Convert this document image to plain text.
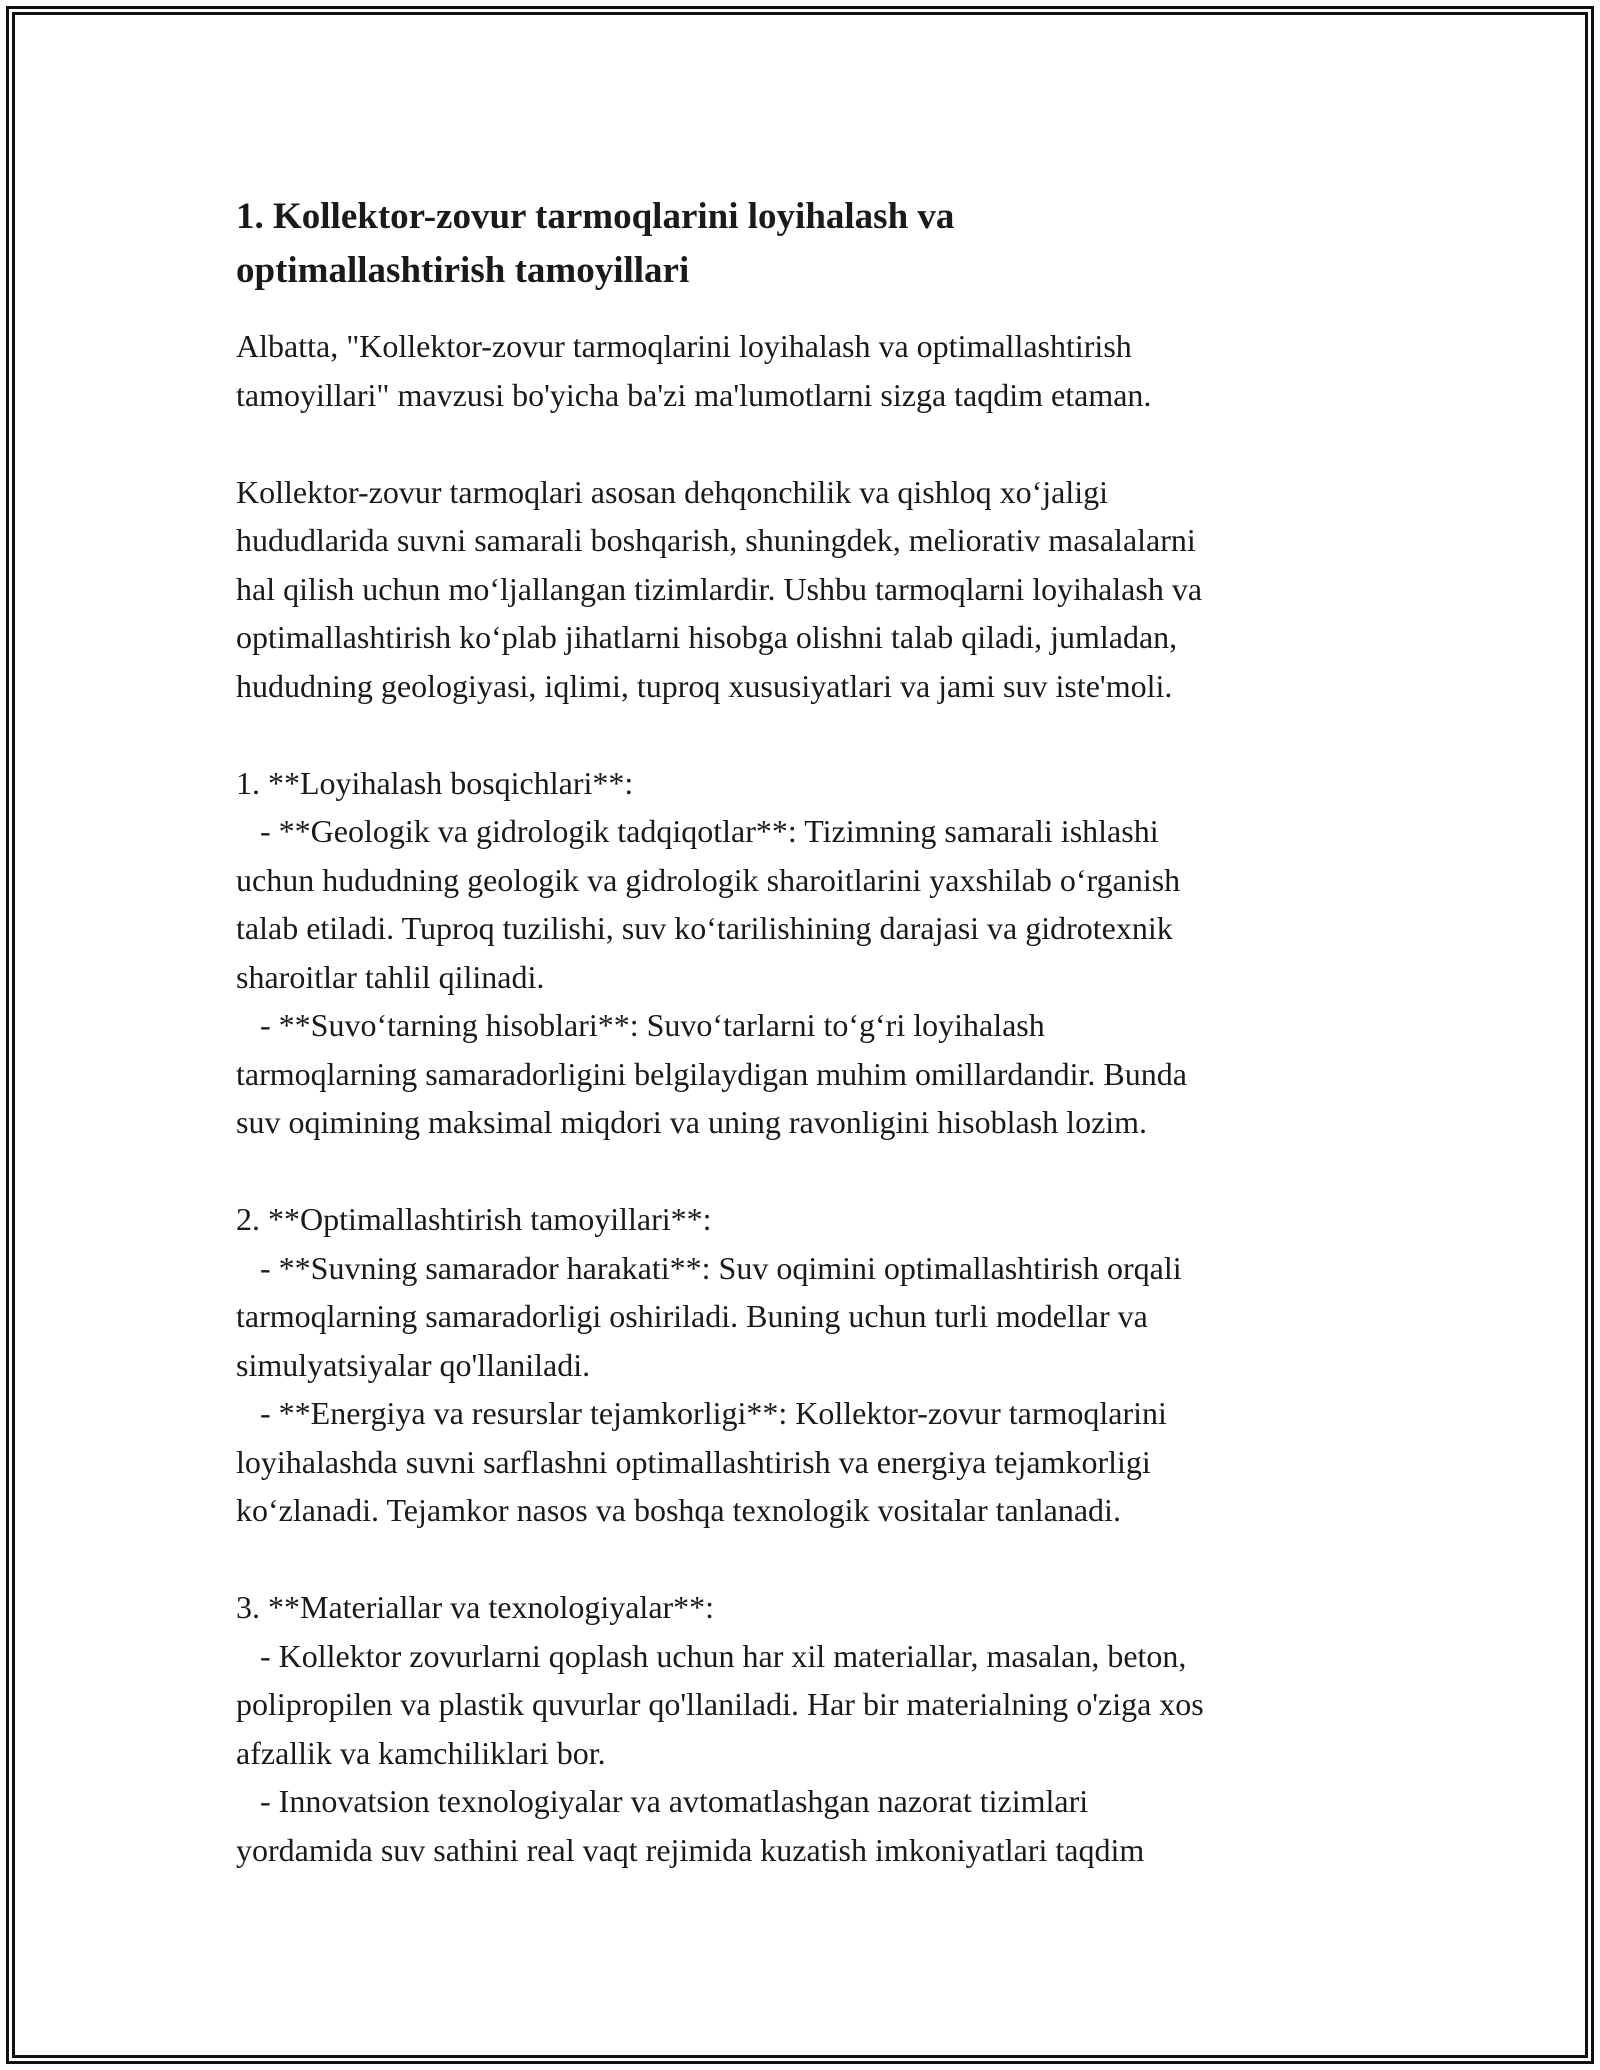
1. Kollektor-zovur tarmoqlarini loyihalash va
optimallashtirish tamoyillari
Albatta, "Kollektor-zovur tarmoqlarini loyihalash va optimallashtirish
tamoyillari" mavzusi bo'yicha ba'zi ma'lumotlarni sizga taqdim etaman.
Kollektor-zovur tarmoqlari asosan dehqonchilik va qishloq xo‘jaligi
hududlarida suvni samarali boshqarish, shuningdek, meliorativ masalalarni
hal qilish uchun mo‘ljallangan tizimlardir. Ushbu tarmoqlarni loyihalash va
optimallashtirish ko‘plab jihatlarni hisobga olishni talab qiladi, jumladan,
hududning geologiyasi, iqlimi, tuproq xususiyatlari va jami suv iste'moli.
1. **Loyihalash bosqichlari**:
- **Geologik va gidrologik tadqiqotlar**: Tizimning samarali ishlashi
uchun hududning geologik va gidrologik sharoitlarini yaxshilab o‘rganish
talab etiladi. Tuproq tuzilishi, suv ko‘tarilishining darajasi va gidrotexnik
sharoitlar tahlil qilinadi.
- **Suvo‘tarning hisoblari**: Suvo‘tarlarni to‘g‘ri loyihalash
tarmoqlarning samaradorligini belgilaydigan muhim omillardandir. Bunda
suv oqimining maksimal miqdori va uning ravonligini hisoblash lozim.
2. **Optimallashtirish tamoyillari**:
- **Suvning samarador harakati**: Suv oqimini optimallashtirish orqali
tarmoqlarning samaradorligi oshiriladi. Buning uchun turli modellar va
simulyatsiyalar qo'llaniladi.
- **Energiya va resurslar tejamkorligi**: Kollektor-zovur tarmoqlarini
loyihalashda suvni sarflashni optimallashtirish va energiya tejamkorligi
ko‘zlanadi. Tejamkor nasos va boshqa texnologik vositalar tanlanadi.
3. **Materiallar va texnologiyalar**:
- Kollektor zovurlarni qoplash uchun har xil materiallar, masalan, beton,
polipropilen va plastik quvurlar qo'llaniladi. Har bir materialning o'ziga xos
afzallik va kamchiliklari bor.
- Innovatsion texnologiyalar va avtomatlashgan nazorat tizimlari
yordamida suv sathini real vaqt rejimida kuzatish imkoniyatlari taqdim
